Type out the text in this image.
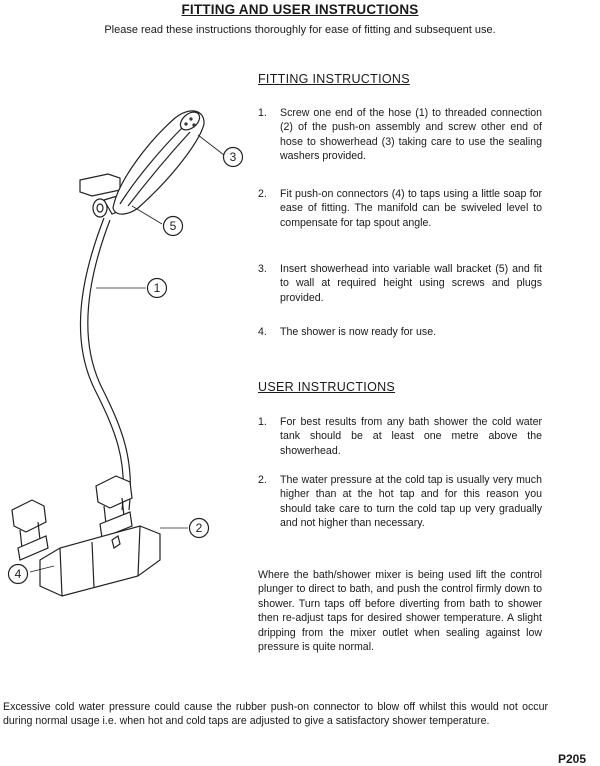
FITTING AND USER INSTRUCTIONS
Please read these instructions thoroughly for ease of fitting and subsequent use.
3
5
1
2
4
FITTING INSTRUCTIONS
1. Screw one end of the hose (1) to threaded connection (2) of the push-on assembly and screw other end of hose to showerhead (3) taking care to use the sealing washers provided.
2. Fit push-on connectors (4) to taps using a little soap for ease of fitting. The manifold can be swiveled level to compensate for tap spout angle.
3. Insert showerhead into variable wall bracket (5) and fit to wall at required height using screws and plugs provided.
4. The shower is now ready for use.
USER INSTRUCTIONS
1. For best results from any bath shower the cold water tank should be at least one metre above the showerhead.
2. The water pressure at the cold tap is usually very much higher than at the hot tap and for this reason you should take care to turn the cold tap up very gradually and not higher than necessary.
Where the bath/shower mixer is being used lift the control plunger to direct to bath, and push the control firmly down to shower. Turn taps off before diverting from bath to shower then re-adjust taps for desired shower temperature. A slight dripping from the mixer outlet when sealing against low pressure is quite normal.
Excessive cold water pressure could cause the rubber push-on connector to blow off whilst this would not occur during normal usage i.e. when hot and cold taps are adjusted to give a satisfactory shower temperature.
P205
